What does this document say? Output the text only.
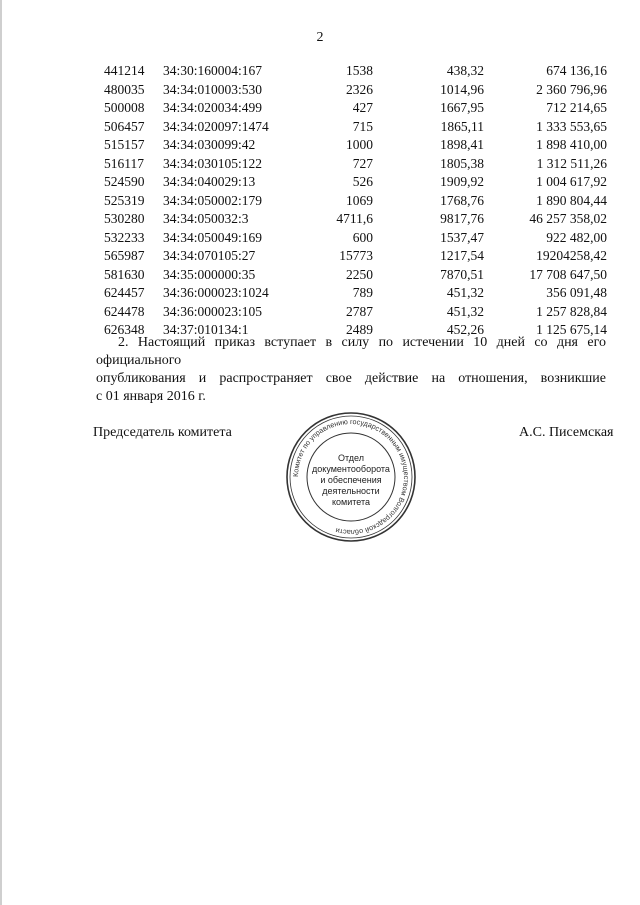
2
441214 34:30:160004:167	1538	438,32	674 136,16
480035 34:34:010003:530	2326	1014,96	2 360 796,96
500008 34:34:020034:499	427	1667,95	712 214,65
506457 34:34:020097:1474	715	1865,11	1 333 553,65
515157 34:34:030099:42	1000	1898,41	1 898 410,00
516117 34:34:030105:122	727	1805,38	1 312 511,26
524590 34:34:040029:13	526	1909,92	1 004 617,92
525319 34:34:050002:179	1069	1768,76	1 890 804,44
530280 34:34:050032:3	4711,6	9817,76	46 257 358,02
532233 34:34:050049:169	600	1537,47	922 482,00
565987 34:34:070105:27	15773	1217,54	19204258,42
581630 34:35:000000:35	2250	7870,51	17 708 647,50
624457 34:36:000023:1024	789	451,32	356 091,48
624478 34:36:000023:105	2787	451,32	1 257 828,84
626348 34:37:010134:1	2489	452,26	1 125 675,14
2. Настоящий приказ вступает в силу по истечении 10 дней со дня его официального
опубликования и распространяет свое действие на отношения, возникшие
с 01 января 2016 г.
Председатель комитета	А.С. Писемская
Комитет по управлению государственным имуществом Волгоградской области
Отдел
документооборота
и обеспечения
деятельности
комитета
